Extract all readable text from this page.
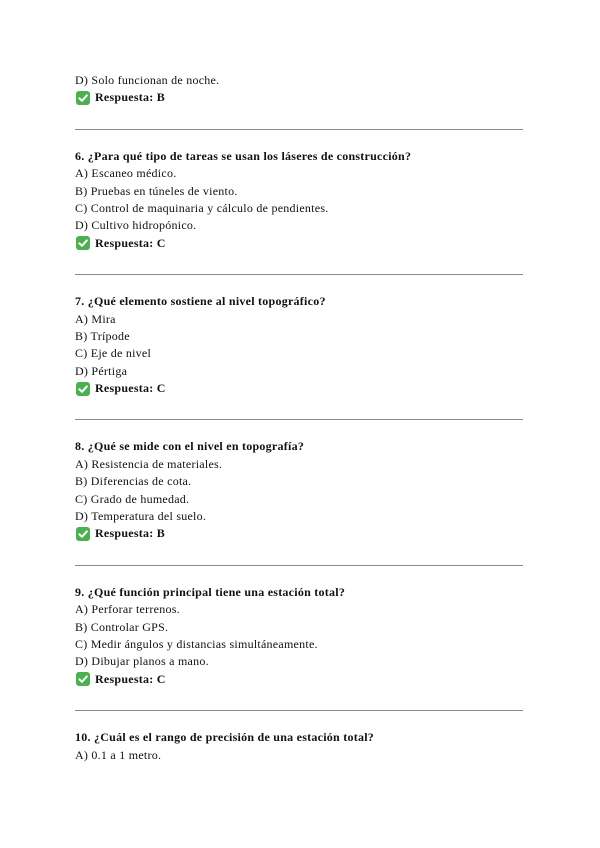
D) Solo funcionan de noche.
Respuesta: B
6. ¿Para qué tipo de tareas se usan los láseres de construcción?
A) Escaneo médico.
B) Pruebas en túneles de viento.
C) Control de maquinaria y cálculo de pendientes.
D) Cultivo hidropónico.
Respuesta: C
7. ¿Qué elemento sostiene al nivel topográfico?
A) Mira
B) Trípode
C) Eje de nivel
D) Pértiga
Respuesta: C
8. ¿Qué se mide con el nivel en topografía?
A) Resistencia de materiales.
B) Diferencias de cota.
C) Grado de humedad.
D) Temperatura del suelo.
Respuesta: B
9. ¿Qué función principal tiene una estación total?
A) Perforar terrenos.
B) Controlar GPS.
C) Medir ángulos y distancias simultáneamente.
D) Dibujar planos a mano.
Respuesta: C
10. ¿Cuál es el rango de precisión de una estación total?
A) 0.1 a 1 metro.
